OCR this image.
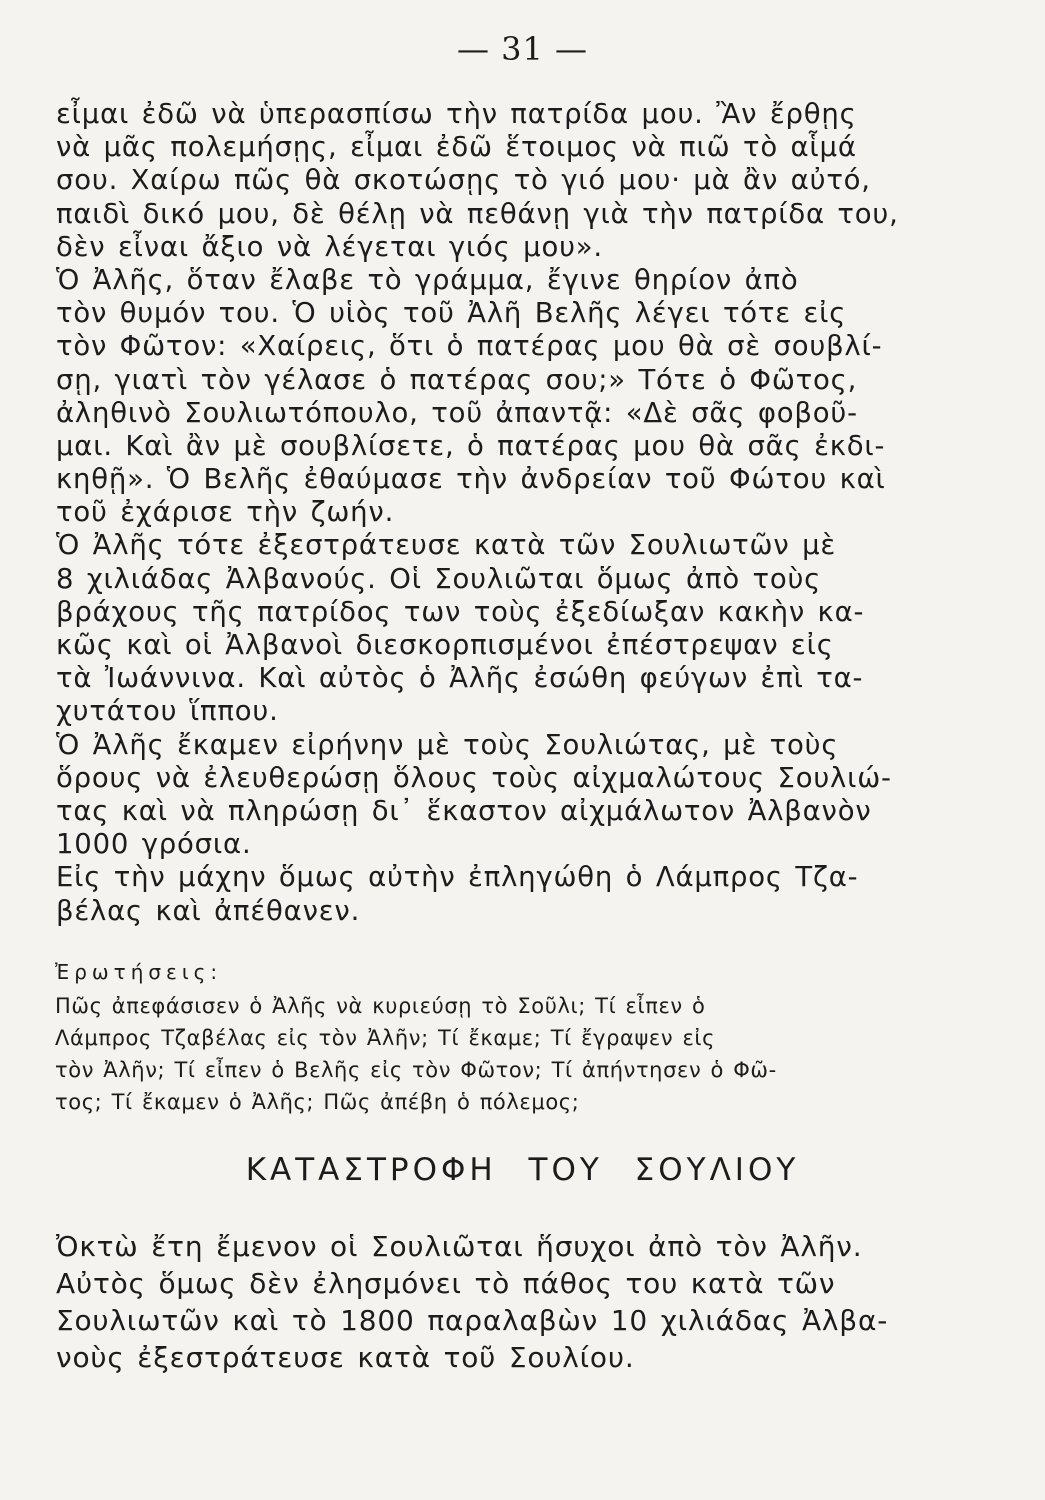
— 31 —
εἶμαι ἐδῶ νὰ ὑπερασπίσω τὴν πατρίδα μου. Ἂν ἔρθῃς
νὰ μᾶς πολεμήσῃς, εἶμαι ἐδῶ ἕτοιμος νὰ πιῶ τὸ αἷμά
σου. Χαίρω πῶς θὰ σκοτώσῃς τὸ γιό μου· μὰ ἂν αὐτό,
παιδὶ δικό μου, δὲ θέλῃ νὰ πεθάνῃ γιὰ τὴν πατρίδα του,
δὲν εἶναι ἄξιο νὰ λέγεται γιός μου».
Ὁ Ἀλῆς, ὅταν ἔλαβε τὸ γράμμα, ἔγινε θηρίον ἀπὸ
τὸν θυμόν του. Ὁ υἱὸς τοῦ Ἀλῆ Βελῆς λέγει τότε εἰς
τὸν Φῶτον: «Χαίρεις, ὅτι ὁ πατέρας μου θὰ σὲ σουβλί-
σῃ, γιατὶ τὸν γέλασε ὁ πατέρας σου;» Τότε ὁ Φῶτος,
ἀληθινὸ Σουλιωτόπουλο, τοῦ ἀπαντᾷ: «Δὲ σᾶς φοβοῦ-
μαι. Καὶ ἂν μὲ σουβλίσετε, ὁ πατέρας μου θὰ σᾶς ἐκδι-
κηθῇ». Ὁ Βελῆς ἐθαύμασε τὴν ἀνδρείαν τοῦ Φώτου καὶ
τοῦ ἐχάρισε τὴν ζωήν.
Ὁ Ἀλῆς τότε ἐξεστράτευσε κατὰ τῶν Σουλιωτῶν μὲ
8 χιλιάδας Ἀλβανούς. Οἱ Σουλιῶται ὅμως ἀπὸ τοὺς
βράχους τῆς πατρίδος των τοὺς ἐξεδίωξαν κακὴν κα-
κῶς καὶ οἱ Ἀλβανοὶ διεσκορπισμένοι ἐπέστρεψαν εἰς
τὰ Ἰωάννινα. Καὶ αὐτὸς ὁ Ἀλῆς ἐσώθη φεύγων ἐπὶ τα-
χυτάτου ἵππου.
Ὁ Ἀλῆς ἔκαμεν εἰρήνην μὲ τοὺς Σουλιώτας, μὲ τοὺς
ὅρους νὰ ἐλευθερώσῃ ὅλους τοὺς αἰχμαλώτους Σουλιώ-
τας καὶ νὰ πληρώσῃ δι᾽ ἕκαστον αἰχμάλωτον Ἀλβανὸν
1000 γρόσια.
Εἰς τὴν μάχην ὅμως αὐτὴν ἐπληγώθη ὁ Λάμπρος Τζα-
βέλας καὶ ἀπέθανεν.
Ἐρωτήσεις:
Πῶς ἀπεφάσισεν ὁ Ἀλῆς νὰ κυριεύσῃ τὸ Σοῦλι; Τί εἶπεν ὁ
Λάμπρος Τζαβέλας εἰς τὸν Ἀλῆν; Τί ἔκαμε; Τί ἔγραψεν εἰς
τὸν Ἀλῆν; Τί εἶπεν ὁ Βελῆς εἰς τὸν Φῶτον; Τί ἀπήντησεν ὁ Φῶ-
τος; Τί ἔκαμεν ὁ Ἀλῆς; Πῶς ἀπέβη ὁ πόλεμος;
ΚΑΤΑΣΤΡΟΦΗ ΤΟΥ ΣΟΥΛΙΟΥ
Ὀκτὼ ἔτη ἔμενον οἱ Σουλιῶται ἥσυχοι ἀπὸ τὸν Ἀλῆν.
Αὐτὸς ὅμως δὲν ἐλησμόνει τὸ πάθος του κατὰ τῶν
Σουλιωτῶν καὶ τὸ 1800 παραλαβὼν 10 χιλιάδας Ἀλβα-
νοὺς ἐξεστράτευσε κατὰ τοῦ Σουλίου.
